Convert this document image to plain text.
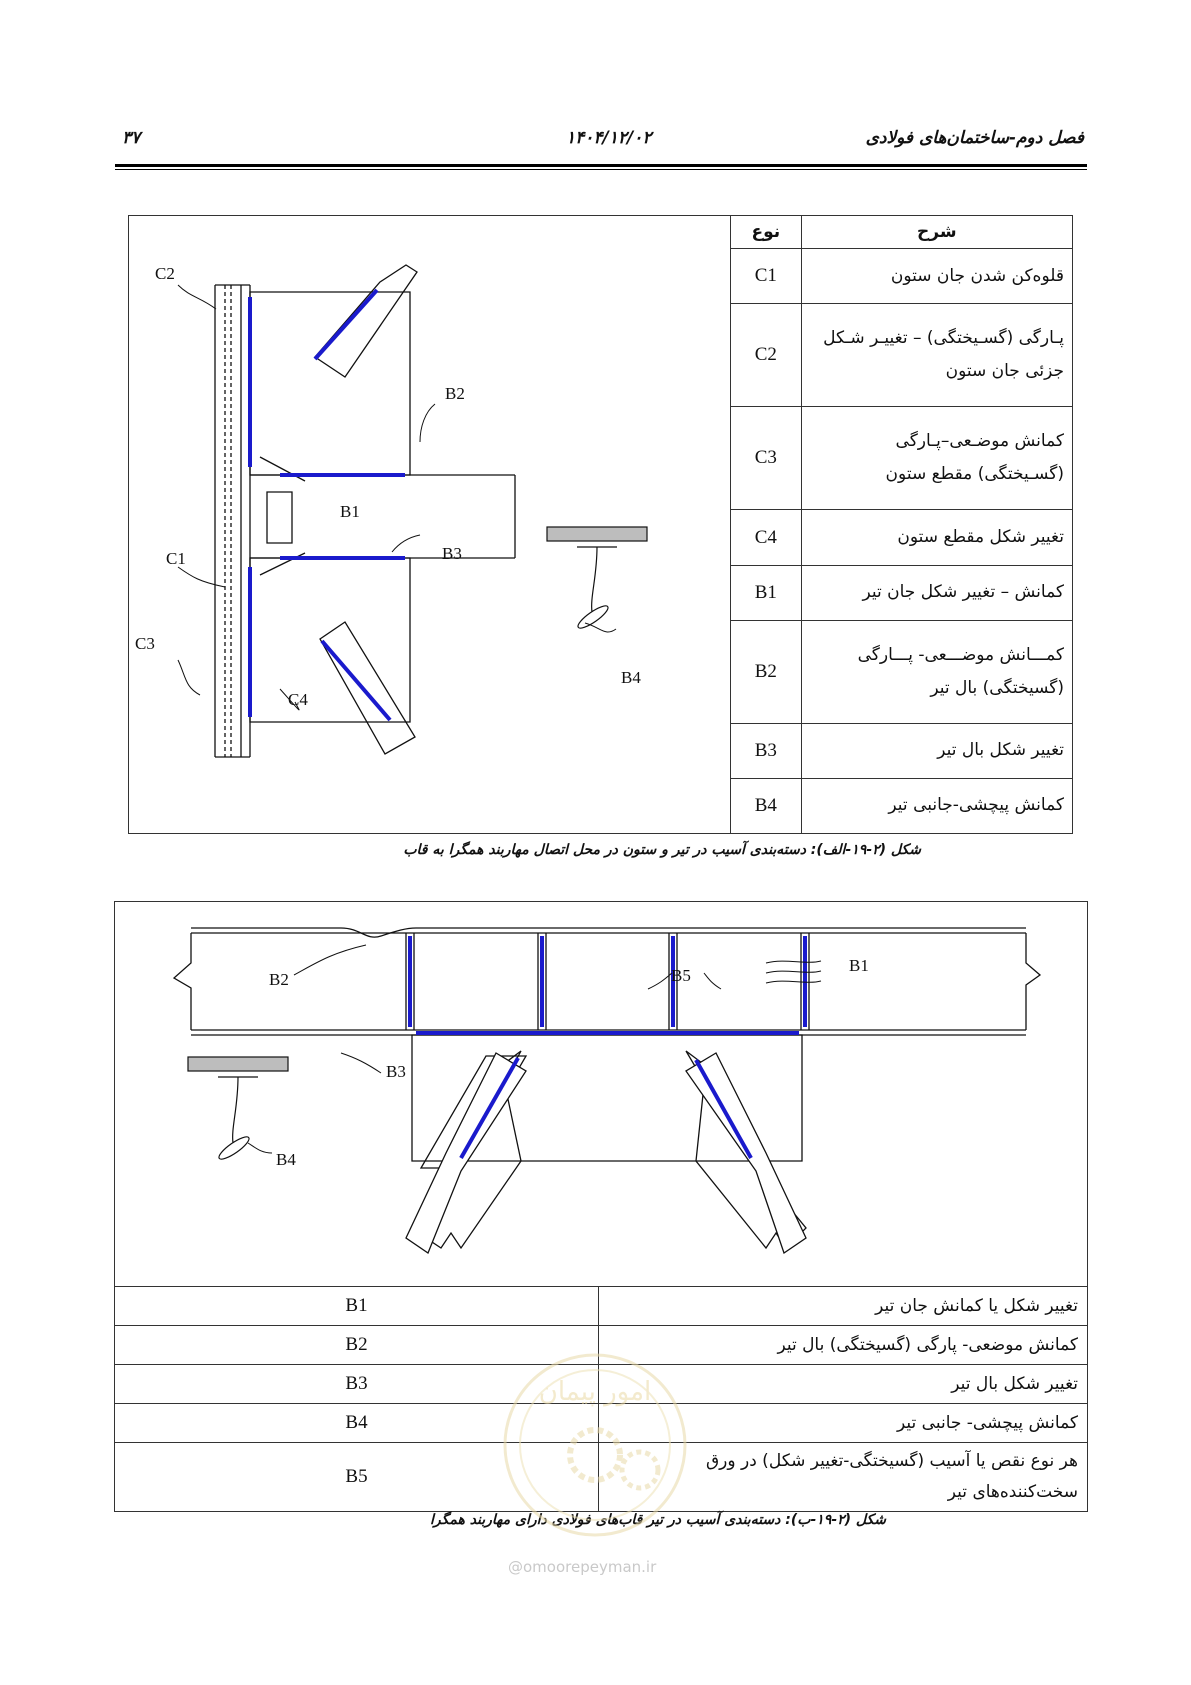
۳۷	۱۴۰۴/۱۲/۰۲	فصل دوم-ساختمان‌های فولادی
C2
C1
C3
C4
B2
B1
B3
B4
شرح	نوع
قلوه‌کن شدن جان ستون	C1
پـارگی (گسـیختگی) – تغییـر شـکل جزئی جان ستون	C2
کمانش موضـعی–پـارگی (گسـیختگی) مقطع ستون	C3
تغییر شکل مقطع ستون	C4
کمانش – تغییر شکل جان تیر	B1
کمـــانش موضـــعی- پـــارگی (گسیختگی) بال تیر	B2
تغییر شکل بال تیر	B3
کمانش پیچشی-جانبی تیر	B4
شکل (۲-۱۹-الف): دسته‌بندی آسیب در تیر و ستون در محل اتصال مهاربند همگرا به قاب
B2	B5
B1
B3
B4
B1	تغییر شکل یا کمانش جان تیر
B2	کمانش موضعی- پارگی (گسیختگی) بال تیر
B3	تغییر شکل بال تیر
B4	کمانش پیچشی- جانبی تیر
B5	هر نوع نقص یا آسیب (گسیختگی-تغییر شکل) در ورق سخت‌کننده‌های تیر
شکل (۲-۱۹-ب): دسته‌بندی آسیب در تیر قاب‌های فولادی دارای مهاربند همگرا
امور پیمان
@omoorepeyman.ir
